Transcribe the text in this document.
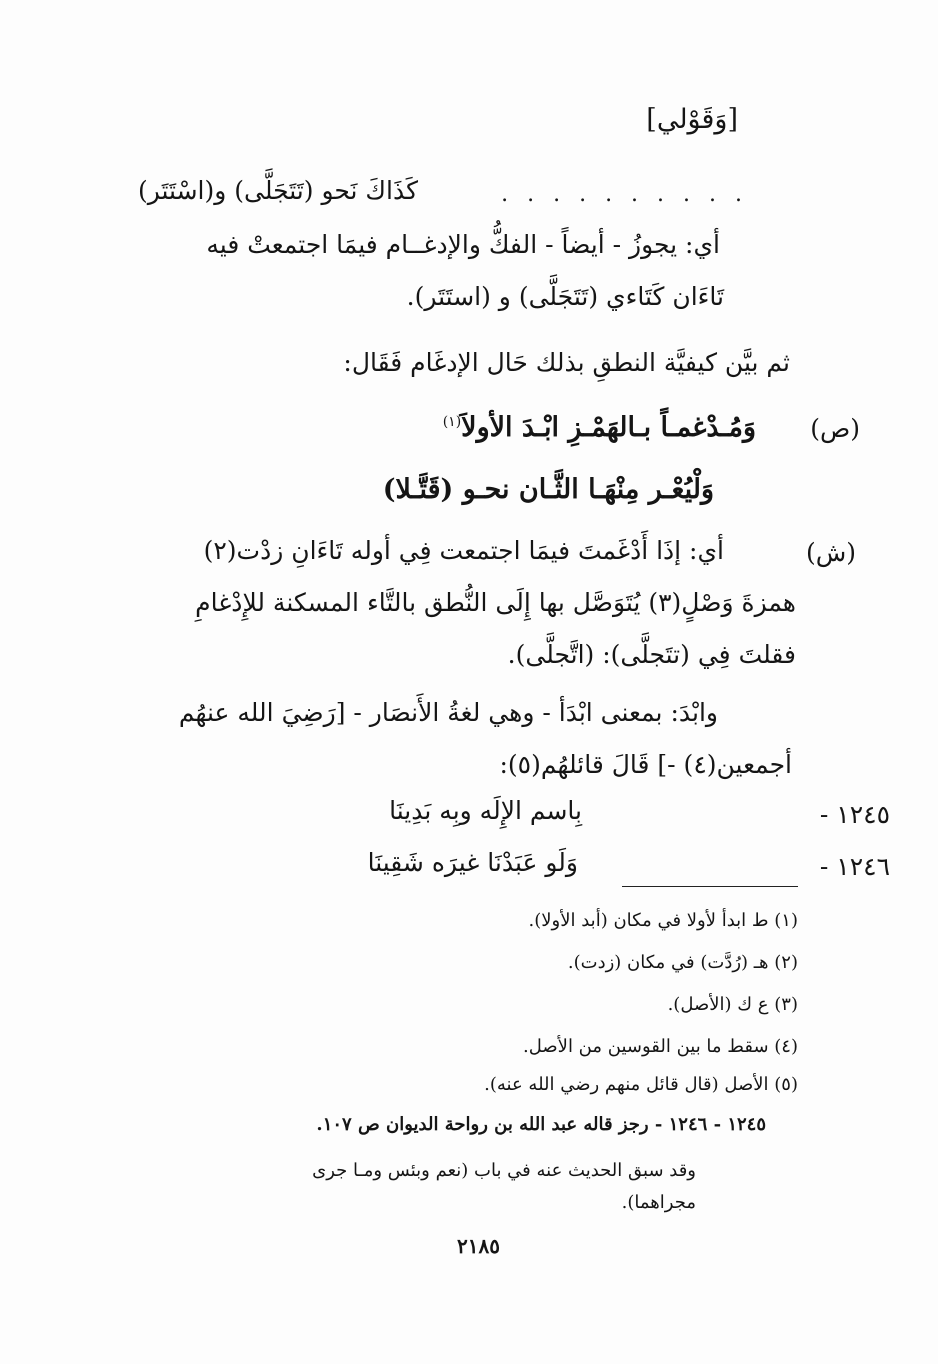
[وَقَوْلي]
كَذَاكَ نَحو (تَتَجَلَّى) و(اسْتَتَر)	. . . . . . . . . .
أي: يجوزُ - أيضاً - الفكُّ والإدغــام فيمَا اجتمعتْ فيه
تَاءَان كَتَاءي (تَتَجَلَّى) و (استَتَر).
ثم بيَّن كيفيَّة النطقِ بذلك حَال الإدغَام فَقَال:
(ص)
وَمُـدْغمـاً بـالهَمْـزِ ابْـدَ الأولاَ$^{(١)}$
وَلْيُعْـر مِنْهَـا الثَّـان نحـو (قَتَّـلا)
(ش)
أي: إذَا أَدْغَمتَ فيمَا اجتمعت فِي أوله تَاءَانِ زدْت(٢)
همزةَ وَصْلٍ(٣) يُتَوَصَّل بها إِلَى النُّطق بالتَّاء المسكنة للإِدْغامِ
فقلتَ فِي (تتَجلَّى): (اتَّجلَّى).
وابْدَ: بمعنى ابْدَأ - وهي لغةُ الأَنصَار - [رَضِيَ الله عنهُم
أجمعين(٤) -] قَالَ قائلهُم(٥):
١٢٤٥ -
بِاسم الإِلَه وبِه بَدِينَا
١٢٤٦ -
وَلَو عَبَدْنَا غيرَه شَقِينَا
(١) ط ابدأ لأولا في مكان (أبد الأولا).
(٢) هـ (رُدَّت) في مكان (زدت).
(٣) ع ك (الأصل).
(٤) سقط ما بين القوسين من الأصل.
(٥) الأصل (قال قائل منهم رضي الله عنه).
١٢٤٥ - ١٢٤٦ - رجز قاله عبد الله بن رواحة الديوان ص ١٠٧.
وقد سبق الحديث عنه في باب (نعم وبئس ومـا جرى
مجراهما).
٢١٨٥
